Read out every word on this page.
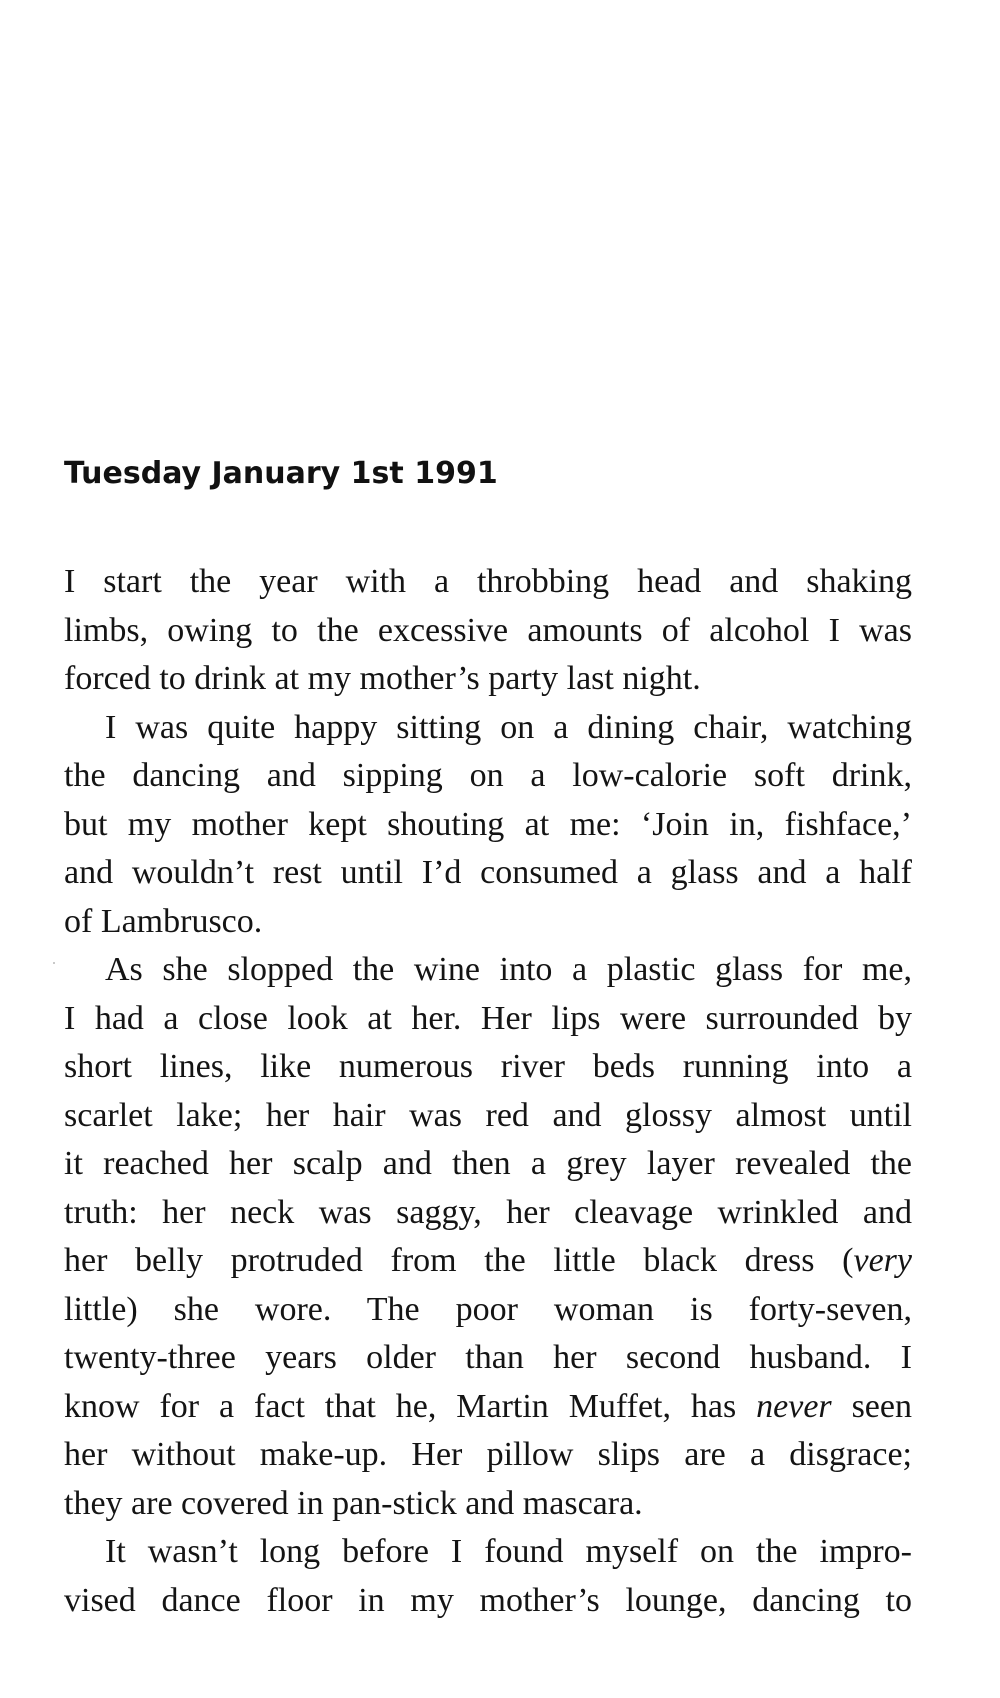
Tuesday January 1st 1991
I start the year with a throbbing head and shaking
limbs, owing to the excessive amounts of alcohol I was
forced to drink at my mother’s party last night.
I was quite happy sitting on a dining chair, watching
the dancing and sipping on a low-calorie soft drink,
but my mother kept shouting at me: ‘Join in, fishface,’
and wouldn’t rest until I’d consumed a glass and a half
of Lambrusco.
As she slopped the wine into a plastic glass for me,
I had a close look at her. Her lips were surrounded by
short lines, like numerous river beds running into a
scarlet lake; her hair was red and glossy almost until
it reached her scalp and then a grey layer revealed the
truth: her neck was saggy, her cleavage wrinkled and
her belly protruded from the little black dress (very
little) she wore. The poor woman is forty-seven,
twenty-three years older than her second husband. I
know for a fact that he, Martin Muffet, has never seen
her without make-up. Her pillow slips are a disgrace;
they are covered in pan-stick and mascara.
It wasn’t long before I found myself on the impro-
vised dance floor in my mother’s lounge, dancing to
